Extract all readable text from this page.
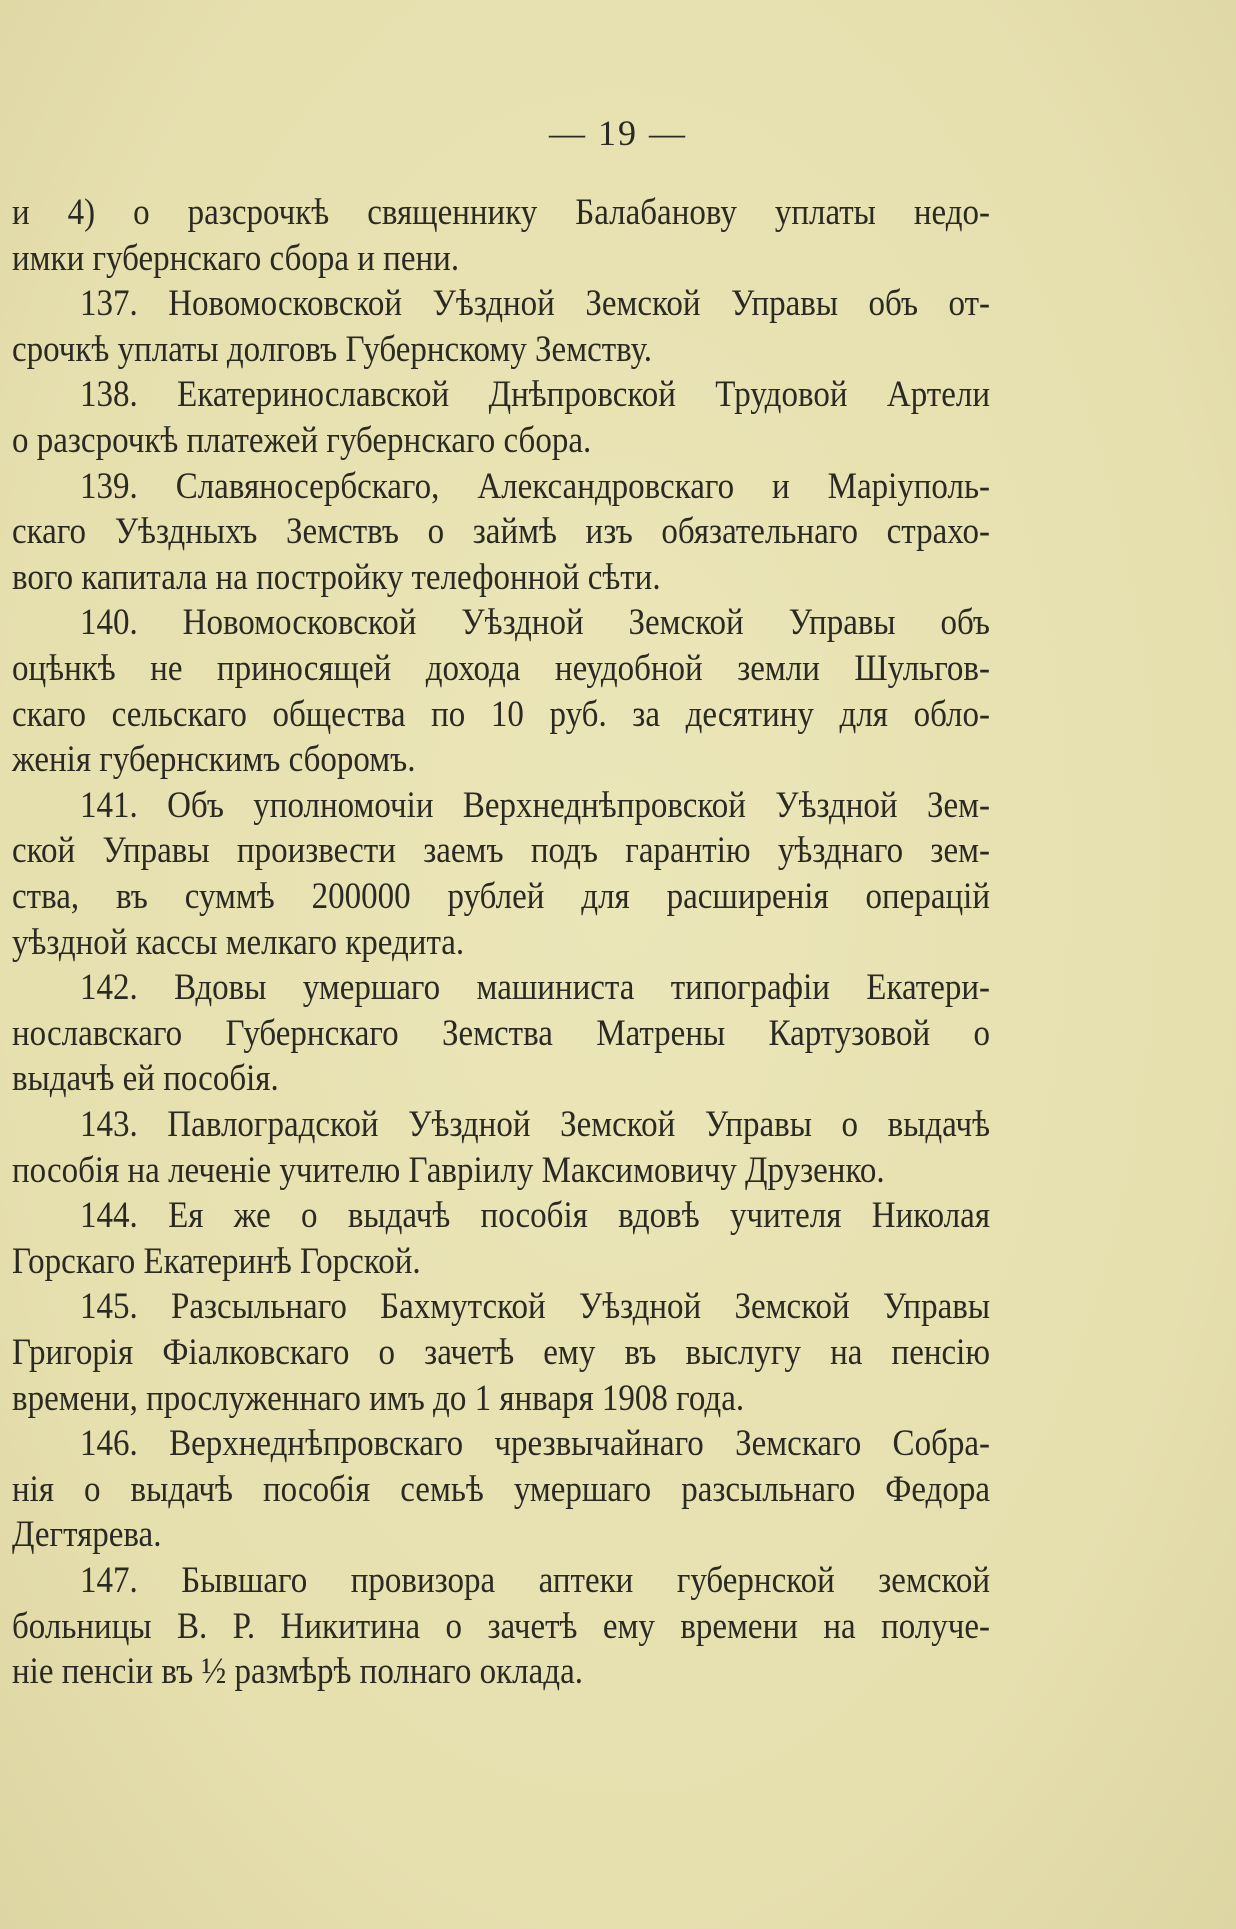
— 19 —
и 4) о разсрочкѣ священнику Балабанову уплаты недо-
имки губернскаго сбора и пени.
137. Новомосковской Уѣздной Земской Управы объ от-
срочкѣ уплаты долговъ Губернскому Земству.
138. Екатеринославской Днѣпровской Трудовой Артели
о разсрочкѣ платежей губернскаго сбора.
139. Славяносербскаго, Александровскаго и Маріуполь-
скаго Уѣздныхъ Земствъ о займѣ изъ обязательнаго страхо-
вого капитала на постройку телефонной сѣти.
140. Новомосковской Уѣздной Земской Управы объ
оцѣнкѣ не приносящей дохода неудобной земли Шульгов-
скаго сельскаго общества по 10 руб. за десятину для обло-
женія губернскимъ сборомъ.
141. Объ уполномочіи Верхнеднѣпровской Уѣздной Зем-
ской Управы произвести заемъ подъ гарантію уѣзднаго зем-
ства, въ суммѣ 200000 рублей для расширенія операцій
уѣздной кассы мелкаго кредита.
142. Вдовы умершаго машиниста типографіи Екатери-
нославскаго Губернскаго Земства Матрены Картузовой о
выдачѣ ей пособія.
143. Павлоградской Уѣздной Земской Управы о выдачѣ
пособія на леченіе учителю Гавріилу Максимовичу Друзенко.
144. Ея же о выдачѣ пособія вдовѣ учителя Николая
Горскаго Екатеринѣ Горской.
145. Разсыльнаго Бахмутской Уѣздной Земской Управы
Григорія Фіалковскаго о зачетѣ ему въ выслугу на пенсію
времени, прослуженнаго имъ до 1 января 1908 года.
146. Верхнеднѣпровскаго чрезвычайнаго Земскаго Собра-
нія о выдачѣ пособія семьѣ умершаго разсыльнаго Федора
Дегтярева.
147. Бывшаго провизора аптеки губернской земской
больницы В. Р. Никитина о зачетѣ ему времени на получе-
ніе пенсіи въ ½ размѣрѣ полнаго оклада.
